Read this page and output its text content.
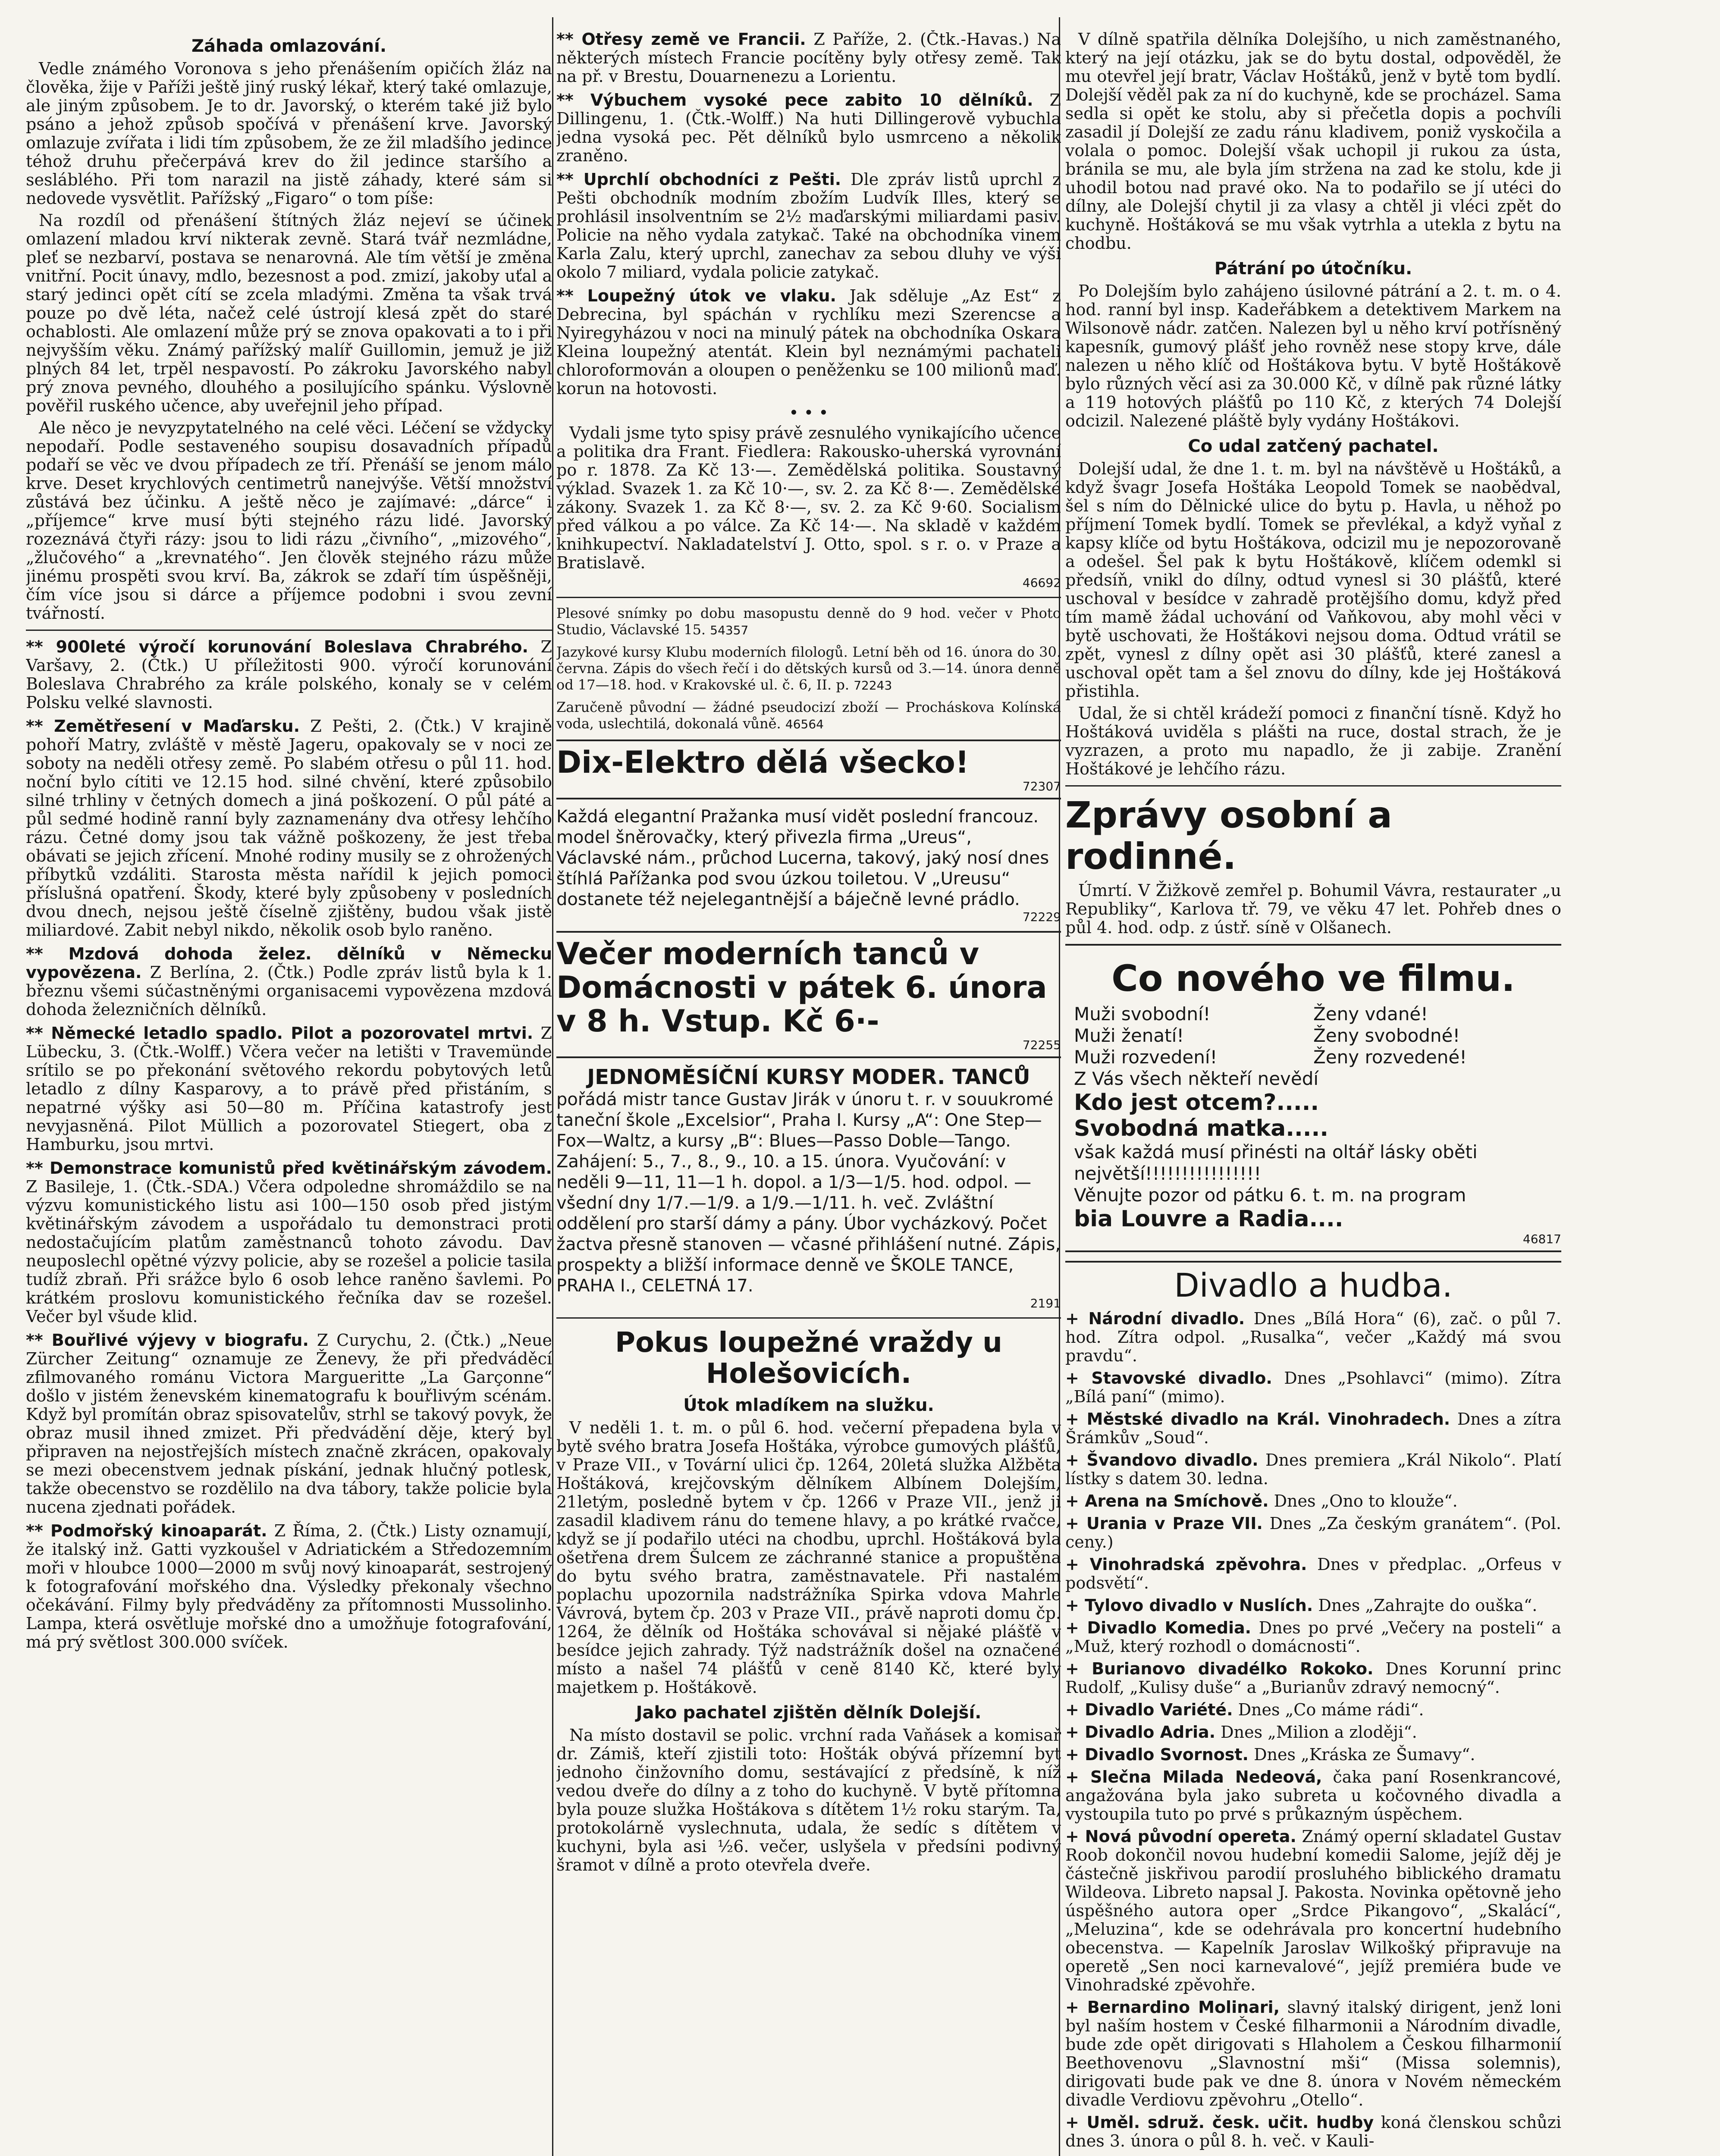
Záhada omlazování.

Vedle známého Voronova s jeho přenášením opičích žláz na člověka, žije v Paříži ještě jiný ruský lékař, který také omlazuje, ale jiným způsobem. Je to dr. Javorský, o kterém také již bylo psáno a jehož způsob spočívá v přenášení krve. Javorský omlazuje zvířata i lidi tím způsobem, že ze žil mladšího jedince téhož druhu přečerpává krev do žil jedince staršího a sesláblého. Při tom narazil na jistě záhady, které sám si nedovede vysvětlit. Pařížský „Figaro“ o tom píše:

Na rozdíl od přenášení štítných žláz nejeví se účinek omlazení mladou krví nikterak zevně. Stará tvář nezmládne, pleť se nezbarví, postava se nenarovná. Ale tím větší je změna vnitřní. Pocit únavy, mdlo, bezesnost a pod. zmizí, jakoby uťal a starý jedinci opět cítí se zcela mladými. Změna ta však trvá pouze po dvě léta, načež celé ústrojí klesá zpět do staré ochablosti. Ale omlazení může prý se znova opakovati a to i při nejvyšším věku. Známý pařížský malíř Guillomin, jemuž je již plných 84 let, trpěl nespavostí. Po zákroku Javorského nabyl prý znova pevného, dlouhého a posilujícího spánku. Výslovně pověřil ruského učence, aby uveřejnil jeho případ.

Ale něco je nevyzpytatelného na celé věci. Léčení se vždycky nepodaří. Podle sestaveného soupisu dosavadních případů podaří se věc ve dvou případech ze tří. Přenáší se jenom málo krve. Deset krychlových centimetrů nanejvýše. Větší množství zůstává bez účinku. A ještě něco je zajímavé: „dárce“ i „příjemce“ krve musí býti stejného rázu lidé. Javorský rozeznává čtyři rázy: jsou to lidi rázu „čivního“, „mizového“, „žlučového“ a „krevnatého“. Jen člověk stejného rázu může jinému prospěti svou krví. Ba, zákrok se zdaří tím úspěšněji, čím více jsou si dárce a příjemce podobni i svou zevní tvářností.

** 900leté výročí korunování Boleslava Chrabrého. Z Varšavy, 2. (Čtk.) U příležitosti 900. výročí korunování Boleslava Chrabrého za krále polského, konaly se v celém Polsku velké slavnosti.
** Zemětřesení v Maďarsku. Z Pešti, 2. (Čtk.) V krajině pohoří Matry, zvláště v městě Jageru, opakovaly se v noci ze soboty na neděli otřesy země. Po slabém otřesu o půl 11. hod. noční bylo cítiti ve 12.15 hod. silné chvění, které způsobilo silné trhliny v četných domech a jiná poškození. O půl páté a půl sedmé hodině ranní byly zaznamenány dva otřesy lehčího rázu. Četné domy jsou tak vážně poškozeny, že jest třeba obávati se jejich zřícení. Mnohé rodiny musily se z ohrožených příbytků vzdáliti. Starosta města nařídil k jejich pomoci příslušná opatření. Škody, které byly způsobeny v posledních dvou dnech, nejsou ještě číselně zjištěny, budou však jistě miliardové. Zabit nebyl nikdo, několik osob bylo raněno.
** Mzdová dohoda želez. dělníků v Německu vypovězena. Z Berlína, 2. (Čtk.) Podle zpráv listů byla k 1. březnu všemi súčastněnými organisacemi vypovězena mzdová dohoda železničních dělníků.
** Německé letadlo spadlo. Pilot a pozorovatel mrtvi. Z Lübecku, 3. (Čtk.-Wolff.) Včera večer na letišti v Travemünde srítilo se po překonání světového rekordu pobytových letů letadlo z dílny Kasparovy, a to právě před přistáním, s nepatrné výšky asi 50—80 m. Příčina katastrofy jest nevyjasněná. Pilot Müllich a pozorovatel Stiegert, oba z Hamburku, jsou mrtvi.
** Demonstrace komunistů před květinářským závodem. Z Basileje, 1. (Čtk.-SDA.) Včera odpoledne shromáždilo se na výzvu komunistického listu asi 100—150 osob před jistým květinářským závodem a uspořádalo tu demonstraci proti nedostačujícím platům zaměstnanců tohoto závodu. Dav neuposlechl opětné výzvy policie, aby se rozešel a policie tasila tudíž zbraň. Při srážce bylo 6 osob lehce raněno šavlemi. Po krátkém proslovu komunistického řečníka dav se rozešel. Večer byl všude klid.
** Bouřlivé výjevy v biografu. Z Curychu, 2. (Čtk.) „Neue Zürcher Zeitung“ oznamuje ze Ženevy, že při předváděcí zfilmovaného románu Victora Margueritte „La Garçonne“ došlo v jistém ženevském kinematografu k bouřlivým scénám. Když byl promítán obraz spisovatelův, strhl se takový povyk, že obraz musil ihned zmizet. Při předvádění děje, který byl připraven na nejostřejších místech značně zkrácen, opakovaly se mezi obecenstvem jednak pískání, jednak hlučný potlesk, takže obecenstvo se rozdělilo na dva tábory, takže policie byla nucena zjednati pořádek.
** Podmořský kinoaparát. Z Říma, 2. (Čtk.) Listy oznamují, že italský inž. Gatti vyzkoušel v Adriatickém a Středozemním moři v hloubce 1000—2000 m svůj nový kinoaparát, sestrojený k fotografování mořského dna. Výsledky překonaly všechno očekávání. Filmy byly předváděny za přítomnosti Mussolinho. Lampa, která osvětluje mořské dno a umožňuje fotografování, má prý světlost 300.000 svíček.
** Otřesy země ve Francii. Z Paříže, 2. (Čtk.-Havas.) Na některých místech Francie pocítěny byly otřesy země. Tak na př. v Brestu, Douarnenezu a Lorientu.
** Výbuchem vysoké pece zabito 10 dělníků. Z Dillingenu, 1. (Čtk.-Wolff.) Na huti Dillingerově vybuchla jedna vysoká pec. Pět dělníků bylo usmrceno a několik zraněno.
** Uprchlí obchodníci z Pešti. Dle zpráv listů uprchl z Pešti obchodník modním zbožím Ludvík Illes, který se prohlásil insolventním se 2½ maďarskými miliardami pasiv. Policie na něho vydala zatykač. Také na obchodníka vinem Karla Zalu, který uprchl, zanechav za sebou dluhy ve výši okolo 7 miliard, vydala policie zatykač.
** Loupežný útok ve vlaku. Jak sděluje „Az Est“ z Debrecina, byl spáchán v rychlíku mezi Szerencse a Nyiregyházou v noci na minulý pátek na obchodníka Oskara Kleina loupežný atentát. Klein byl neznámými pachateli chloroformován a oloupen o peněženku se 100 milionů maď. korun na hotovosti.
• • •

Vydali jsme tyto spisy právě zesnulého vynikajícího učence a politika dra Frant. Fiedlera: Rakousko-uherská vyrovnání po r. 1878. Za Kč 13·—. Zemědělská politika. Soustavný výklad. Svazek 1. za Kč 10·—, sv. 2. za Kč 8·—. Zemědělské zákony. Svazek 1. za Kč 8·—, sv. 2. za Kč 9·60. Socialism před válkou a po válce. Za Kč 14·—. Na skladě v každém knihkupectví. Nakladatelství J. Otto, spol. s r. o. v Praze a Bratislavě.

46692
Plesové snímky po dobu masopustu denně do 9 hod. večer v Photo Studio, Václavské 15. 54357
Jazykové kursy Klubu moderních filologů. Letní běh od 16. února do 30. června. Zápis do všech řečí i do dětských kursů od 3.—14. února denně od 17—18. hod. v Krakovské ul. č. 6, II. p. 72243
Zaručeně původní — žádné pseudocizí zboží — Procháskova Kolínská voda, uslechtilá, dokonalá vůně. 46564
Dix-Elektro dělá všecko!
72307
Každá elegantní Pražanka musí vidět poslední francouz. model šněrovačky, který přivezla firma „Ureus“, Václavské nám., průchod Lucerna, takový, jaký nosí dnes štíhlá Pařížanka pod svou úzkou toiletou. V „Ureusu“ dostanete též nejelegantnější a báječně levné prádlo.
72229
Večer moderních tanců v Domácnosti v pátek 6. února v 8 h. Vstup. Kč 6·-
72255
JEDNOMĚSÍČNÍ KURSY MODER. TANCŮ
pořádá mistr tance Gustav Jirák v únoru t. r. v souukromé taneční škole „Excelsior“, Praha I. Kursy „A“: One Step—Fox—Waltz, a kursy „B“: Blues—Passo Doble—Tango. Zahájení: 5., 7., 8., 9., 10. a 15. února. Vyučování: v neděli 9—11, 11—1 h. dopol. a 1/3—1/5. hod. odpol. — všední dny 1/7.—1/9. a 1/9.—1/11. h. več. Zvláštní oddělení pro starší dámy a pány. Úbor vycházkový. Počet žactva přesně stanoven — včasné přihlášení nutné. Zápis, prospekty a bližší informace denně ve ŠKOLE TANCE, PRAHA I., CELETNÁ 17.
2191
Pokus loupežné vraždy u Holešovicích.
Útok mladíkem na služku.

V neděli 1. t. m. o půl 6. hod. večerní přepadena byla v bytě svého bratra Josefa Hoštáka, výrobce gumových plášťů, v Praze VII., v Tovární ulici čp. 1264, 20letá služka Alžběta Hoštáková, krejčovským dělníkem Albínem Dolejším, 21letým, posledně bytem v čp. 1266 v Praze VII., jenž ji zasadil kladivem ránu do temene hlavy, a po krátké rvačce, když se jí podařilo utéci na chodbu, uprchl. Hoštáková byla ošetřena drem Šulcem ze záchranné stanice a propuštěna do bytu svého bratra, zaměstnavatele. Při nastalém poplachu upozornila nadstrážníka Spirka vdova Mahrle Vávrová, bytem čp. 203 v Praze VII., právě naproti domu čp. 1264, že dělník od Hoštáka schovával si nějaké plášťě v besídce jejich zahrady. Týž nadstrážník došel na označené místo a našel 74 plášťů v ceně 8140 Kč, které byly majetkem p. Hoštákově.

Jako pachatel zjištěn dělník Dolejší.

Na místo dostavil se polic. vrchní rada Vaňásek a komisař dr. Zámiš, kteří zjistili toto: Hošták obývá přízemní byt jednoho činžovního domu, sestávající z předsíně, k níž vedou dveře do dílny a z toho do kuchyně. V bytě přítomna byla pouze služka Hoštákova s dítětem 1½ roku starým. Ta, protokolárně vyslechnuta, udala, že sedíc s dítětem v kuchyni, byla asi ½6. večer, uslyšela v předsíni podivný šramot v dílně a proto otevřela dveře.

V dílně spatřila dělníka Dolejšího, u nich zaměstnaného, který na její otázku, jak se do bytu dostal, odpověděl, že mu otevřel její bratr, Václav Hoštáků, jenž v bytě tom bydlí. Dolejší věděl pak za ní do kuchyně, kde se procházel. Sama sedla si opět ke stolu, aby si přečetla dopis a pochvíli zasadil jí Dolejší ze zadu ránu kladivem, poniž vyskočila a volala o pomoc. Dolejší však uchopil ji rukou za ústa, bránila se mu, ale byla jím stržena na zad ke stolu, kde ji uhodil botou nad pravé oko. Na to podařilo se jí utéci do dílny, ale Dolejší chytil ji za vlasy a chtěl ji vléci zpět do kuchyně. Hoštáková se mu však vytrhla a utekla z bytu na chodbu.

Pátrání po útočníku.

Po Dolejším bylo zahájeno úsilovné pátrání a 2. t. m. o 4. hod. ranní byl insp. Kadeřábkem a detektivem Markem na Wilsonově nádr. zatčen. Nalezen byl u něho krví potřísněný kapesník, gumový plášť jeho rovněž nese stopy krve, dále nalezen u něho klíč od Hoštákova bytu. V bytě Hoštákově bylo různých věcí asi za 30.000 Kč, v dílně pak různé látky a 119 hotových plášťů po 110 Kč, z kterých 74 Dolejší odcizil. Nalezené pláště byly vydány Hoštákovi.

Co udal zatčený pachatel.

Dolejší udal, že dne 1. t. m. byl na návštěvě u Hoštáků, a když švagr Josefa Hoštáka Leopold Tomek se naobědval, šel s ním do Dělnické ulice do bytu p. Havla, u něhož po příjmení Tomek bydlí. Tomek se převlékal, a když vyňal z kapsy klíče od bytu Hoštákova, odcizil mu je nepozorovaně a odešel. Šel pak k bytu Hoštákově, klíčem odemkl si předsíň, vnikl do dílny, odtud vynesl si 30 plášťů, které uschoval v besídce v zahradě protějšího domu, když před tím mamě žádal uchování od Vaňkovou, aby mohl věci v bytě uschovati, že Hoštákovi nejsou doma. Odtud vrátil se zpět, vynesl z dílny opět asi 30 plášťů, které zanesl a uschoval opět tam a šel znovu do dílny, kde jej Hoštáková přistihla.

Udal, že si chtěl krádeží pomoci z finanční tísně. Když ho Hoštáková uviděla s plášti na ruce, dostal strach, že je vyzrazen, a proto mu napadlo, že ji zabije. Zranění Hoštákové je lehčího rázu.

Zprávy osobní a rodinné.

Úmrtí. V Žižkově zemřel p. Bohumil Vávra, restaurater „u Republiky“, Karlova tř. 79, ve věku 47 let. Pohřeb dnes o půl 4. hod. odp. z ústř. síně v Olšanech.

Co nového ve filmu.
Muži svobodní!	Ženy vdané!
Muži ženatí!	Ženy svobodné!
Muži rozvedení!	Ženy rozvedené!
Z Vás všech někteří nevědí
Kdo jest otcem?.....
Svobodná matka.....
však každá musí přinésti na oltář lásky oběti největší!!!!!!!!!!!!!!!!
Věnujte pozor od pátku 6. t. m. na program
bia Louvre a Radia....
46817
Divadlo a hudba.
+ Národní divadlo. Dnes „Bílá Hora“ (6), zač. o půl 7. hod. Zítra odpol. „Rusalka“, večer „Každý má svou pravdu“.
+ Stavovské divadlo. Dnes „Psohlavci“ (mimo). Zítra „Bílá paní“ (mimo).
+ Městské divadlo na Král. Vinohradech. Dnes a zítra Šrámkův „Soud“.
+ Švandovo divadlo. Dnes premiera „Král Nikolo“. Platí lístky s datem 30. ledna.
+ Arena na Smíchově. Dnes „Ono to klouže“.
+ Urania v Praze VII. Dnes „Za českým granátem“. (Pol. ceny.)
+ Vinohradská zpěvohra. Dnes v předplac. „Orfeus v podsvětí“.
+ Tylovo divadlo v Nuslích. Dnes „Zahrajte do ouška“.
+ Divadlo Komedia. Dnes po prvé „Večery na posteli“ a „Muž, který rozhodl o domácnosti“.
+ Burianovo divadélko Rokoko. Dnes Korunní princ Rudolf, „Kulisy duše“ a „Burianův zdravý nemocný“.
+ Divadlo Variété. Dnes „Co máme rádi“.
+ Divadlo Adria. Dnes „Milion a zloději“.
+ Divadlo Svornost. Dnes „Kráska ze Šumavy“.
+ Slečna Milada Nedeová, čaka paní Rosenkrancové, angažována byla jako subreta u kočovného divadla a vystoupila tuto po prvé s průkazným úspěchem.
+ Nová původní opereta. Známý operní skladatel Gustav Roob dokončil novou hudební komedii Salome, jejíž děj je částečně jiskřivou parodií prosluhého biblického dramatu Wildeova. Libreto napsal J. Pakosta. Novinka opětovně jeho úspěšného autora oper „Srdce Pikangovo“, „Skalácí“, „Meluzina“, kde se odehrávala pro koncertní hudebního obecenstva. — Kapelník Jaroslav Wilkošký připravuje na operetě „Sen noci karnevalové“, jejíž premiéra bude ve Vinohradské zpěvohře.
+ Bernardino Molinari, slavný italský dirigent, jenž loni byl naším hostem v České filharmonii a Národním divadle, bude zde opět dirigovati s Hlaholem a Českou filharmonií Beethovenovu „Slavnostní mši“ (Missa solemnis), dirigovati bude pak ve dne 8. února v Novém německém divadle Verdiovu zpěvohru „Otello“.
+ Uměl. sdruž. česk. učit. hudby koná členskou schůzi dnes 3. února o půl 8. h. več. v Kauli-
